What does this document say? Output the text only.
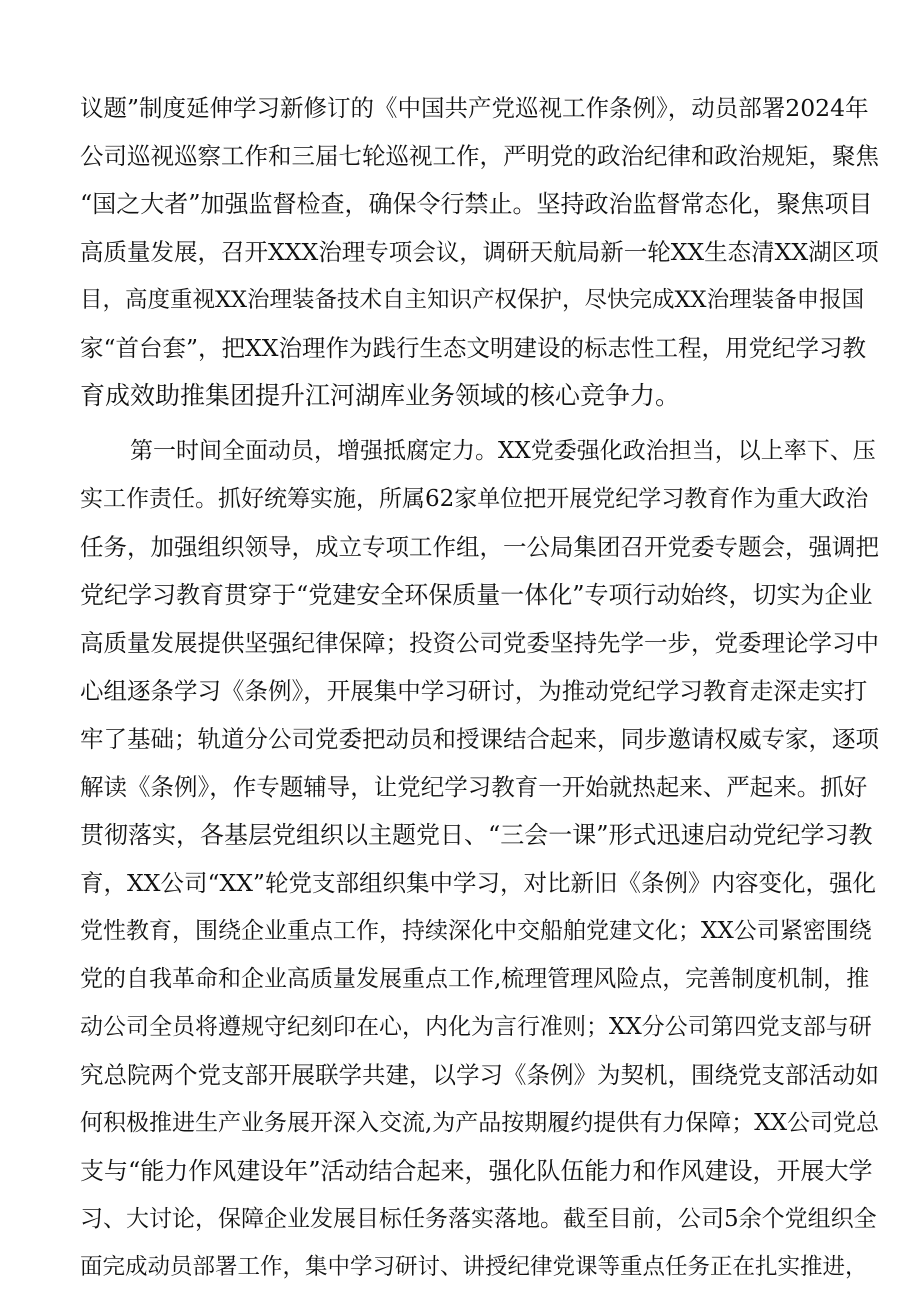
议题”制度延伸学习新修订的《中国共产党巡视工作条例》，动员部署2024年
公司巡视巡察工作和三届七轮巡视工作，严明党的政治纪律和政治规矩，聚焦
“国之大者”加强监督检查，确保令行禁止。坚持政治监督常态化，聚焦项目
高质量发展，召开XXX治理专项会议，调研天航局新一轮XX生态清XX湖区项
目，高度重视XX治理装备技术自主知识产权保护，尽快完成XX治理装备申报国
家“首台套”，把XX治理作为践行生态文明建设的标志性工程，用党纪学习教
育成效助推集团提升江河湖库业务领域的核心竞争力。
第一时间全面动员，增强抵腐定力。XX党委强化政治担当，以上率下、压
实工作责任。抓好统筹实施，所属62家单位把开展党纪学习教育作为重大政治
任务，加强组织领导，成立专项工作组，一公局集团召开党委专题会，强调把
党纪学习教育贯穿于“党建安全环保质量一体化”专项行动始终，切实为企业
高质量发展提供坚强纪律保障；投资公司党委坚持先学一步，党委理论学习中
心组逐条学习《条例》，开展集中学习研讨，为推动党纪学习教育走深走实打
牢了基础；轨道分公司党委把动员和授课结合起来，同步邀请权威专家，逐项
解读《条例》，作专题辅导，让党纪学习教育一开始就热起来、严起来。抓好
贯彻落实，各基层党组织以主题党日、“三会一课”形式迅速启动党纪学习教
育，XX公司“XX”轮党支部组织集中学习，对比新旧《条例》内容变化，强化
党性教育，围绕企业重点工作，持续深化中交船舶党建文化；XX公司紧密围绕
党的自我革命和企业高质量发展重点工作,梳理管理风险点，完善制度机制，推
动公司全员将遵规守纪刻印在心，内化为言行准则；XX分公司第四党支部与研
究总院两个党支部开展联学共建，以学习《条例》为契机，围绕党支部活动如
何积极推进生产业务展开深入交流,为产品按期履约提供有力保障；XX公司党总
支与“能力作风建设年”活动结合起来，强化队伍能力和作风建设，开展大学
习、大讨论，保障企业发展目标任务落实落地。截至目前，公司5余个党组织全
面完成动员部署工作，集中学习研讨、讲授纪律党课等重点任务正在扎实推进，
